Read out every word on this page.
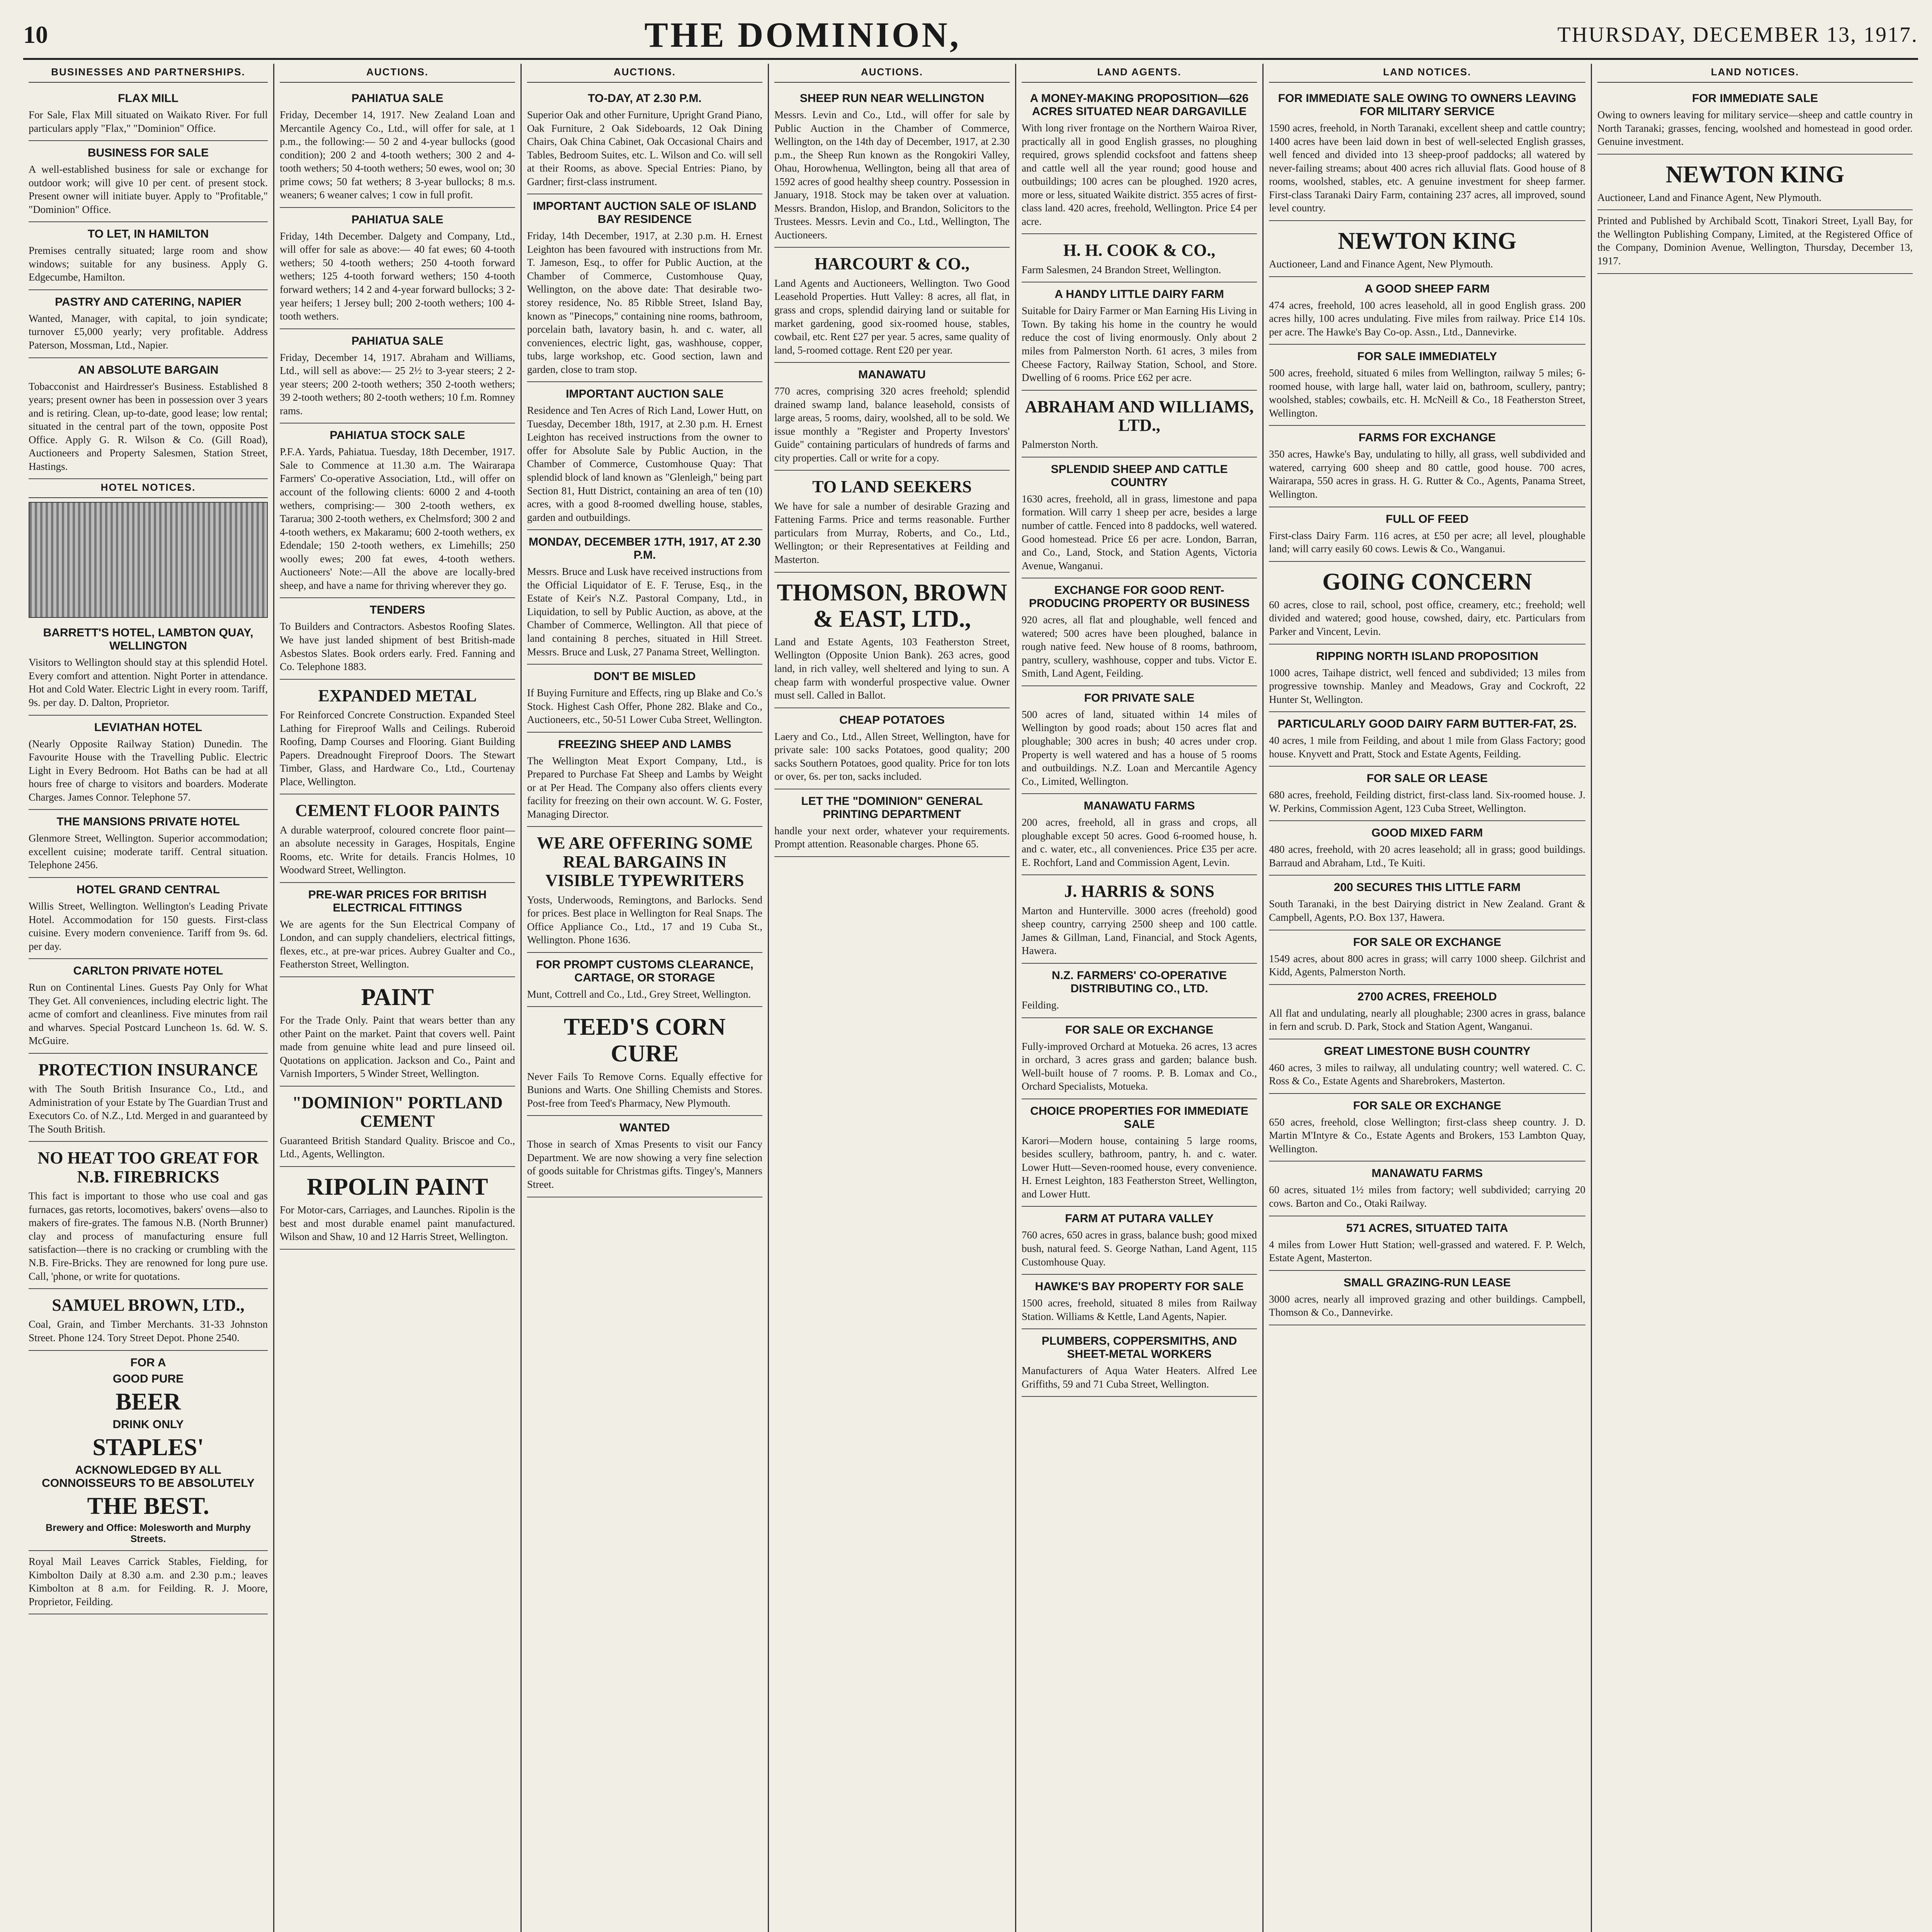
10	THE DOMINION,	THURSDAY, DECEMBER 13, 1917.
BUSINESSES AND PARTNERSHIPS.
FLAX MILL

For Sale, Flax Mill situated on Waikato River. For full particulars apply "Flax," "Dominion" Office.

BUSINESS FOR SALE

A well-established business for sale or exchange for outdoor work; will give 10 per cent. of present stock. Present owner will initiate buyer. Apply to "Profitable," "Dominion" Office.

TO LET, IN HAMILTON

Premises centrally situated; large room and show windows; suitable for any business. Apply G. Edgecumbe, Hamilton.

PASTRY AND CATERING, NAPIER

Wanted, Manager, with capital, to join syndicate; turnover £5,000 yearly; very profitable. Address Paterson, Mossman, Ltd., Napier.

AN ABSOLUTE BARGAIN

Tobacconist and Hairdresser's Business. Established 8 years; present owner has been in possession over 3 years and is retiring. Clean, up-to-date, good lease; low rental; situated in the central part of the town, opposite Post Office. Apply G. R. Wilson & Co. (Gill Road), Auctioneers and Property Salesmen, Station Street, Hastings.

HOTEL NOTICES.
BARRETT'S HOTEL, LAMBTON QUAY, WELLINGTON

Visitors to Wellington should stay at this splendid Hotel. Every comfort and attention. Night Porter in attendance. Hot and Cold Water. Electric Light in every room. Tariff, 9s. per day. D. Dalton, Proprietor.

LEVIATHAN HOTEL

(Nearly Opposite Railway Station) Dunedin. The Favourite House with the Travelling Public. Electric Light in Every Bedroom. Hot Baths can be had at all hours free of charge to visitors and boarders. Moderate Charges. James Connor. Telephone 57.

THE MANSIONS PRIVATE HOTEL

Glenmore Street, Wellington. Superior accommodation; excellent cuisine; moderate tariff. Central situation. Telephone 2456.

HOTEL GRAND CENTRAL

Willis Street, Wellington. Wellington's Leading Private Hotel. Accommodation for 150 guests. First-class cuisine. Every modern convenience. Tariff from 9s. 6d. per day.

CARLTON PRIVATE HOTEL

Run on Continental Lines. Guests Pay Only for What They Get. All conveniences, including electric light. The acme of comfort and cleanliness. Five minutes from rail and wharves. Special Postcard Luncheon 1s. 6d. W. S. McGuire.

PROTECTION INSURANCE

with The South British Insurance Co., Ltd., and Administration of your Estate by The Guardian Trust and Executors Co. of N.Z., Ltd. Merged in and guaranteed by The South British.

NO HEAT TOO GREAT FOR N.B. FIREBRICKS

This fact is important to those who use coal and gas furnaces, gas retorts, locomotives, bakers' ovens—also to makers of fire-grates. The famous N.B. (North Brunner) clay and process of manufacturing ensure full satisfaction—there is no cracking or crumbling with the N.B. Fire-Bricks. They are renowned for long pure use. Call, 'phone, or write for quotations.

SAMUEL BROWN, LTD.,

Coal, Grain, and Timber Merchants. 31-33 Johnston Street. Phone 124. Tory Street Depot. Phone 2540.

FOR A
GOOD PURE
BEER
DRINK ONLY
STAPLES'
ACKNOWLEDGED BY ALL CONNOISSEURS TO BE ABSOLUTELY
THE BEST.
Brewery and Office: Molesworth and Murphy Streets.

Royal Mail Leaves Carrick Stables, Fielding, for Kimbolton Daily at 8.30 a.m. and 2.30 p.m.; leaves Kimbolton at 8 a.m. for Feilding. R. J. Moore, Proprietor, Feilding.

AUCTIONS.
PAHIATUA SALE

Friday, December 14, 1917. New Zealand Loan and Mercantile Agency Co., Ltd., will offer for sale, at 1 p.m., the following:— 50 2 and 4-year bullocks (good condition); 200 2 and 4-tooth wethers; 300 2 and 4-tooth wethers; 50 4-tooth wethers; 50 ewes, wool on; 30 prime cows; 50 fat wethers; 8 3-year bullocks; 8 m.s. weaners; 6 weaner calves; 1 cow in full profit.

PAHIATUA SALE

Friday, 14th December. Dalgety and Company, Ltd., will offer for sale as above:— 40 fat ewes; 60 4-tooth wethers; 50 4-tooth wethers; 250 4-tooth forward wethers; 125 4-tooth forward wethers; 150 4-tooth forward wethers; 14 2 and 4-year forward bullocks; 3 2-year heifers; 1 Jersey bull; 200 2-tooth wethers; 100 4-tooth wethers.

PAHIATUA SALE

Friday, December 14, 1917. Abraham and Williams, Ltd., will sell as above:— 25 2½ to 3-year steers; 2 2-year steers; 200 2-tooth wethers; 350 2-tooth wethers; 39 2-tooth wethers; 80 2-tooth wethers; 10 f.m. Romney rams.

PAHIATUA STOCK SALE

P.F.A. Yards, Pahiatua. Tuesday, 18th December, 1917. Sale to Commence at 11.30 a.m. The Wairarapa Farmers' Co-operative Association, Ltd., will offer on account of the following clients: 6000 2 and 4-tooth wethers, comprising:— 300 2-tooth wethers, ex Tararua; 300 2-tooth wethers, ex Chelmsford; 300 2 and 4-tooth wethers, ex Makaramu; 600 2-tooth wethers, ex Edendale; 150 2-tooth wethers, ex Limehills; 250 woolly ewes; 200 fat ewes, 4-tooth wethers. Auctioneers' Note:—All the above are locally-bred sheep, and have a name for thriving wherever they go.

TENDERS

To Builders and Contractors. Asbestos Roofing Slates. We have just landed shipment of best British-made Asbestos Slates. Book orders early. Fred. Fanning and Co. Telephone 1883.

EXPANDED METAL

For Reinforced Concrete Construction. Expanded Steel Lathing for Fireproof Walls and Ceilings. Ruberoid Roofing, Damp Courses and Flooring. Giant Building Papers. Dreadnought Fireproof Doors. The Stewart Timber, Glass, and Hardware Co., Ltd., Courtenay Place, Wellington.

CEMENT FLOOR PAINTS

A durable waterproof, coloured concrete floor paint—an absolute necessity in Garages, Hospitals, Engine Rooms, etc. Write for details. Francis Holmes, 10 Woodward Street, Wellington.

PRE-WAR PRICES FOR BRITISH ELECTRICAL FITTINGS

We are agents for the Sun Electrical Company of London, and can supply chandeliers, electrical fittings, flexes, etc., at pre-war prices. Aubrey Gualter and Co., Featherston Street, Wellington.

PAINT

For the Trade Only. Paint that wears better than any other Paint on the market. Paint that covers well. Paint made from genuine white lead and pure linseed oil. Quotations on application. Jackson and Co., Paint and Varnish Importers, 5 Winder Street, Wellington.

"DOMINION" PORTLAND CEMENT

Guaranteed British Standard Quality. Briscoe and Co., Ltd., Agents, Wellington.

RIPOLIN PAINT

For Motor-cars, Carriages, and Launches. Ripolin is the best and most durable enamel paint manufactured. Wilson and Shaw, 10 and 12 Harris Street, Wellington.

AUCTIONS.
TO-DAY, AT 2.30 P.M.

Superior Oak and other Furniture, Upright Grand Piano, Oak Furniture, 2 Oak Sideboards, 12 Oak Dining Chairs, Oak China Cabinet, Oak Occasional Chairs and Tables, Bedroom Suites, etc. L. Wilson and Co. will sell at their Rooms, as above. Special Entries: Piano, by Gardner; first-class instrument.

IMPORTANT AUCTION SALE OF ISLAND BAY RESIDENCE

Friday, 14th December, 1917, at 2.30 p.m. H. Ernest Leighton has been favoured with instructions from Mr. T. Jameson, Esq., to offer for Public Auction, at the Chamber of Commerce, Customhouse Quay, Wellington, on the above date: That desirable two-storey residence, No. 85 Ribble Street, Island Bay, known as "Pinecops," containing nine rooms, bathroom, porcelain bath, lavatory basin, h. and c. water, all conveniences, electric light, gas, washhouse, copper, tubs, large workshop, etc. Good section, lawn and garden, close to tram stop.

IMPORTANT AUCTION SALE

Residence and Ten Acres of Rich Land, Lower Hutt, on Tuesday, December 18th, 1917, at 2.30 p.m. H. Ernest Leighton has received instructions from the owner to offer for Absolute Sale by Public Auction, in the Chamber of Commerce, Customhouse Quay: That splendid block of land known as "Glenleigh," being part Section 81, Hutt District, containing an area of ten (10) acres, with a good 8-roomed dwelling house, stables, garden and outbuildings.

MONDAY, DECEMBER 17TH, 1917, AT 2.30 P.M.

Messrs. Bruce and Lusk have received instructions from the Official Liquidator of E. F. Teruse, Esq., in the Estate of Keir's N.Z. Pastoral Company, Ltd., in Liquidation, to sell by Public Auction, as above, at the Chamber of Commerce, Wellington. All that piece of land containing 8 perches, situated in Hill Street. Messrs. Bruce and Lusk, 27 Panama Street, Wellington.

DON'T BE MISLED

If Buying Furniture and Effects, ring up Blake and Co.'s Stock. Highest Cash Offer, Phone 282. Blake and Co., Auctioneers, etc., 50-51 Lower Cuba Street, Wellington.

FREEZING SHEEP AND LAMBS

The Wellington Meat Export Company, Ltd., is Prepared to Purchase Fat Sheep and Lambs by Weight or at Per Head. The Company also offers clients every facility for freezing on their own account. W. G. Foster, Managing Director.

WE ARE OFFERING SOME REAL BARGAINS IN VISIBLE TYPEWRITERS

Yosts, Underwoods, Remingtons, and Barlocks. Send for prices. Best place in Wellington for Real Snaps. The Office Appliance Co., Ltd., 17 and 19 Cuba St., Wellington. Phone 1636.

FOR PROMPT CUSTOMS CLEARANCE, CARTAGE, OR STORAGE

Munt, Cottrell and Co., Ltd., Grey Street, Wellington.

TEED'S CORN CURE

Never Fails To Remove Corns. Equally effective for Bunions and Warts. One Shilling Chemists and Stores. Post-free from Teed's Pharmacy, New Plymouth.

WANTED

Those in search of Xmas Presents to visit our Fancy Department. We are now showing a very fine selection of goods suitable for Christmas gifts. Tingey's, Manners Street.

AUCTIONS.
SHEEP RUN NEAR WELLINGTON

Messrs. Levin and Co., Ltd., will offer for sale by Public Auction in the Chamber of Commerce, Wellington, on the 14th day of December, 1917, at 2.30 p.m., the Sheep Run known as the Rongokiri Valley, Ohau, Horowhenua, Wellington, being all that area of 1592 acres of good healthy sheep country. Possession in January, 1918. Stock may be taken over at valuation. Messrs. Brandon, Hislop, and Brandon, Solicitors to the Trustees. Messrs. Levin and Co., Ltd., Wellington, The Auctioneers.

HARCOURT & CO.,

Land Agents and Auctioneers, Wellington. Two Good Leasehold Properties. Hutt Valley: 8 acres, all flat, in grass and crops, splendid dairying land or suitable for market gardening, good six-roomed house, stables, cowbail, etc. Rent £27 per year. 5 acres, same quality of land, 5-roomed cottage. Rent £20 per year.

MANAWATU

770 acres, comprising 320 acres freehold; splendid drained swamp land, balance leasehold, consists of large areas, 5 rooms, dairy, woolshed, all to be sold. We issue monthly a "Register and Property Investors' Guide" containing particulars of hundreds of farms and city properties. Call or write for a copy.

TO LAND SEEKERS

We have for sale a number of desirable Grazing and Fattening Farms. Price and terms reasonable. Further particulars from Murray, Roberts, and Co., Ltd., Wellington; or their Representatives at Feilding and Masterton.

THOMSON, BROWN & EAST, LTD.,

Land and Estate Agents, 103 Featherston Street, Wellington (Opposite Union Bank). 263 acres, good land, in rich valley, well sheltered and lying to sun. A cheap farm with wonderful prospective value. Owner must sell. Called in Ballot.

CHEAP POTATOES

Laery and Co., Ltd., Allen Street, Wellington, have for private sale: 100 sacks Potatoes, good quality; 200 sacks Southern Potatoes, good quality. Price for ton lots or over, 6s. per ton, sacks included.

LET THE "DOMINION" GENERAL PRINTING DEPARTMENT

handle your next order, whatever your requirements. Prompt attention. Reasonable charges. Phone 65.

LAND AGENTS.
A MONEY-MAKING PROPOSITION—626 ACRES SITUATED NEAR DARGAVILLE

With long river frontage on the Northern Wairoa River, practically all in good English grasses, no ploughing required, grows splendid cocksfoot and fattens sheep and cattle well all the year round; good house and outbuildings; 100 acres can be ploughed. 1920 acres, more or less, situated Waikite district. 355 acres of first-class land. 420 acres, freehold, Wellington. Price £4 per acre.

H. H. COOK & CO.,

Farm Salesmen, 24 Brandon Street, Wellington.

A HANDY LITTLE DAIRY FARM

Suitable for Dairy Farmer or Man Earning His Living in Town. By taking his home in the country he would reduce the cost of living enormously. Only about 2 miles from Palmerston North. 61 acres, 3 miles from Cheese Factory, Railway Station, School, and Store. Dwelling of 6 rooms. Price £62 per acre.

ABRAHAM AND WILLIAMS, LTD.,

Palmerston North.

SPLENDID SHEEP AND CATTLE COUNTRY

1630 acres, freehold, all in grass, limestone and papa formation. Will carry 1 sheep per acre, besides a large number of cattle. Fenced into 8 paddocks, well watered. Good homestead. Price £6 per acre. London, Barran, and Co., Land, Stock, and Station Agents, Victoria Avenue, Wanganui.

EXCHANGE FOR GOOD RENT-PRODUCING PROPERTY OR BUSINESS

920 acres, all flat and ploughable, well fenced and watered; 500 acres have been ploughed, balance in rough native feed. New house of 8 rooms, bathroom, pantry, scullery, washhouse, copper and tubs. Victor E. Smith, Land Agent, Feilding.

FOR PRIVATE SALE

500 acres of land, situated within 14 miles of Wellington by good roads; about 150 acres flat and ploughable; 300 acres in bush; 40 acres under crop. Property is well watered and has a house of 5 rooms and outbuildings. N.Z. Loan and Mercantile Agency Co., Limited, Wellington.

MANAWATU FARMS

200 acres, freehold, all in grass and crops, all ploughable except 50 acres. Good 6-roomed house, h. and c. water, etc., all conveniences. Price £35 per acre. E. Rochfort, Land and Commission Agent, Levin.

J. HARRIS & SONS

Marton and Hunterville. 3000 acres (freehold) good sheep country, carrying 2500 sheep and 100 cattle. James & Gillman, Land, Financial, and Stock Agents, Hawera.

N.Z. FARMERS' CO-OPERATIVE DISTRIBUTING CO., LTD.

Feilding.

FOR SALE OR EXCHANGE

Fully-improved Orchard at Motueka. 26 acres, 13 acres in orchard, 3 acres grass and garden; balance bush. Well-built house of 7 rooms. P. B. Lomax and Co., Orchard Specialists, Motueka.

CHOICE PROPERTIES FOR IMMEDIATE SALE

Karori—Modern house, containing 5 large rooms, besides scullery, bathroom, pantry, h. and c. water. Lower Hutt—Seven-roomed house, every convenience. H. Ernest Leighton, 183 Featherston Street, Wellington, and Lower Hutt.

FARM AT PUTARA VALLEY

760 acres, 650 acres in grass, balance bush; good mixed bush, natural feed. S. George Nathan, Land Agent, 115 Customhouse Quay.

HAWKE'S BAY PROPERTY FOR SALE

1500 acres, freehold, situated 8 miles from Railway Station. Williams & Kettle, Land Agents, Napier.

PLUMBERS, COPPERSMITHS, AND SHEET-METAL WORKERS

Manufacturers of Aqua Water Heaters. Alfred Lee Griffiths, 59 and 71 Cuba Street, Wellington.

LAND NOTICES.
FOR IMMEDIATE SALE OWING TO OWNERS LEAVING FOR MILITARY SERVICE

1590 acres, freehold, in North Taranaki, excellent sheep and cattle country; 1400 acres have been laid down in best of well-selected English grasses, well fenced and divided into 13 sheep-proof paddocks; all watered by never-failing streams; about 400 acres rich alluvial flats. Good house of 8 rooms, woolshed, stables, etc. A genuine investment for sheep farmer. First-class Taranaki Dairy Farm, containing 237 acres, all improved, sound level country.

NEWTON KING

Auctioneer, Land and Finance Agent, New Plymouth.

A GOOD SHEEP FARM

474 acres, freehold, 100 acres leasehold, all in good English grass. 200 acres hilly, 100 acres undulating. Five miles from railway. Price £14 10s. per acre. The Hawke's Bay Co-op. Assn., Ltd., Dannevirke.

FOR SALE IMMEDIATELY

500 acres, freehold, situated 6 miles from Wellington, railway 5 miles; 6-roomed house, with large hall, water laid on, bathroom, scullery, pantry; woolshed, stables; cowbails, etc. H. McNeill & Co., 18 Featherston Street, Wellington.

FARMS FOR EXCHANGE

350 acres, Hawke's Bay, undulating to hilly, all grass, well subdivided and watered, carrying 600 sheep and 80 cattle, good house. 700 acres, Wairarapa, 550 acres in grass. H. G. Rutter & Co., Agents, Panama Street, Wellington.

FULL OF FEED

First-class Dairy Farm. 116 acres, at £50 per acre; all level, ploughable land; will carry easily 60 cows. Lewis & Co., Wanganui.

GOING CONCERN

60 acres, close to rail, school, post office, creamery, etc.; freehold; well divided and watered; good house, cowshed, dairy, etc. Particulars from Parker and Vincent, Levin.

RIPPING NORTH ISLAND PROPOSITION

1000 acres, Taihape district, well fenced and subdivided; 13 miles from progressive township. Manley and Meadows, Gray and Cockroft, 22 Hunter St, Wellington.

PARTICULARLY GOOD DAIRY FARM BUTTER-FAT, 2S.

40 acres, 1 mile from Feilding, and about 1 mile from Glass Factory; good house. Knyvett and Pratt, Stock and Estate Agents, Feilding.

FOR SALE OR LEASE

680 acres, freehold, Feilding district, first-class land. Six-roomed house. J. W. Perkins, Commission Agent, 123 Cuba Street, Wellington.

GOOD MIXED FARM

480 acres, freehold, with 20 acres leasehold; all in grass; good buildings. Barraud and Abraham, Ltd., Te Kuiti.

200 SECURES THIS LITTLE FARM

South Taranaki, in the best Dairying district in New Zealand. Grant & Campbell, Agents, P.O. Box 137, Hawera.

FOR SALE OR EXCHANGE

1549 acres, about 800 acres in grass; will carry 1000 sheep. Gilchrist and Kidd, Agents, Palmerston North.

2700 ACRES, FREEHOLD

All flat and undulating, nearly all ploughable; 2300 acres in grass, balance in fern and scrub. D. Park, Stock and Station Agent, Wanganui.

GREAT LIMESTONE BUSH COUNTRY

460 acres, 3 miles to railway, all undulating country; well watered. C. C. Ross & Co., Estate Agents and Sharebrokers, Masterton.

FOR SALE OR EXCHANGE

650 acres, freehold, close Wellington; first-class sheep country. J. D. Martin M'Intyre & Co., Estate Agents and Brokers, 153 Lambton Quay, Wellington.

MANAWATU FARMS

60 acres, situated 1½ miles from factory; well subdivided; carrying 20 cows. Barton and Co., Otaki Railway.

571 ACRES, SITUATED TAITA

4 miles from Lower Hutt Station; well-grassed and watered. F. P. Welch, Estate Agent, Masterton.

SMALL GRAZING-RUN LEASE

3000 acres, nearly all improved grazing and other buildings. Campbell, Thomson & Co., Dannevirke.

LAND NOTICES.
FOR IMMEDIATE SALE

Owing to owners leaving for military service—sheep and cattle country in North Taranaki; grasses, fencing, woolshed and homestead in good order. Genuine investment.

NEWTON KING

Auctioneer, Land and Finance Agent, New Plymouth.

Printed and Published by Archibald Scott, Tinakori Street, Lyall Bay, for the Wellington Publishing Company, Limited, at the Registered Office of the Company, Dominion Avenue, Wellington, Thursday, December 13, 1917.
